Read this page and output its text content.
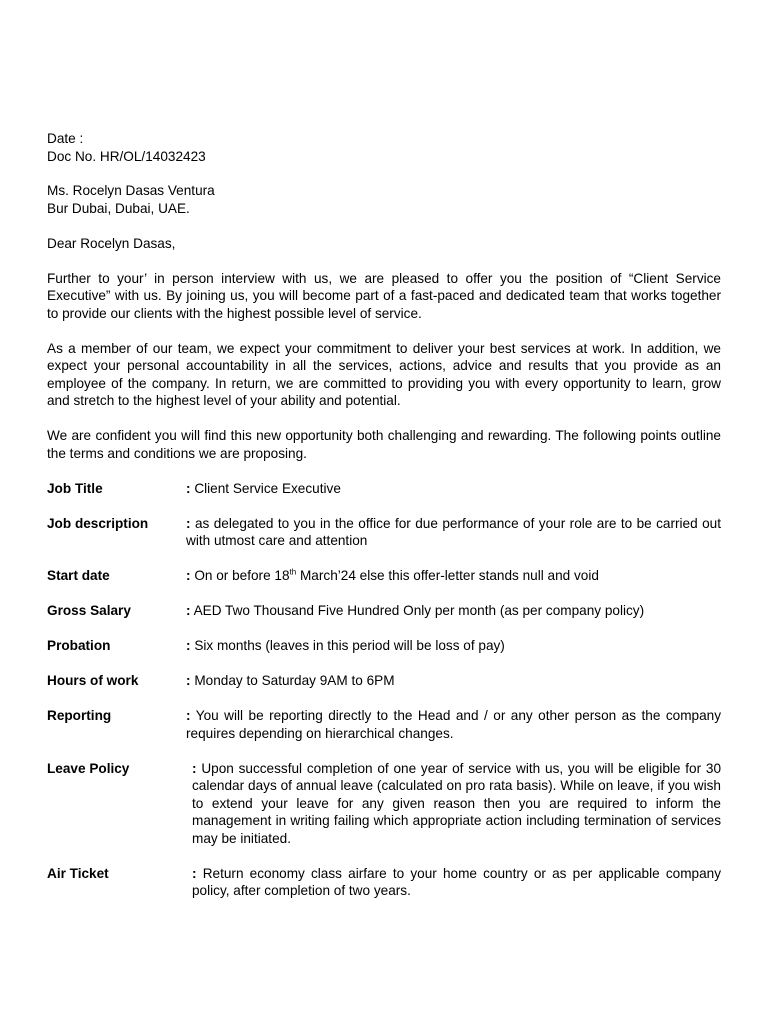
Date :
Doc No. HR/OL/14032423
Ms. Rocelyn Dasas Ventura
Bur Dubai, Dubai, UAE.
Dear Rocelyn Dasas,

Further to your’ in person interview with us, we are pleased to offer you the position of “Client Service Executive” with us. By joining us, you will become part of a fast-paced and dedicated team that works together to provide our clients with the highest possible level of service.

As a member of our team, we expect your commitment to deliver your best services at work. In addition, we expect your personal accountability in all the services, actions, advice and results that you provide as an employee of the company. In return, we are committed to providing you with every opportunity to learn, grow and stretch to the highest level of your ability and potential.

We are confident you will find this new opportunity both challenging and rewarding. The following points outline the terms and conditions we are proposing.

Job Title	: Client Service Executive
Job description	: as delegated to you in the office for due performance of your role are to be carried out with utmost care and attention
Start date	: On or before 18th March’24 else this offer-letter stands null and void
Gross Salary	: AED Two Thousand Five Hundred Only per month (as per company policy)
Probation	: Six months (leaves in this period will be loss of pay)
Hours of work	: Monday to Saturday 9AM to 6PM
Reporting	: You will be reporting directly to the Head and / or any other person as the company requires depending on hierarchical changes.
Leave Policy	: Upon successful completion of one year of service with us, you will be eligible for 30 calendar days of annual leave (calculated on pro rata basis). While on leave, if you wish to extend your leave for any given reason then you are required to inform the management in writing failing which appropriate action including termination of services may be initiated.
Air Ticket	: Return economy class airfare to your home country or as per applicable company policy, after completion of two years.
